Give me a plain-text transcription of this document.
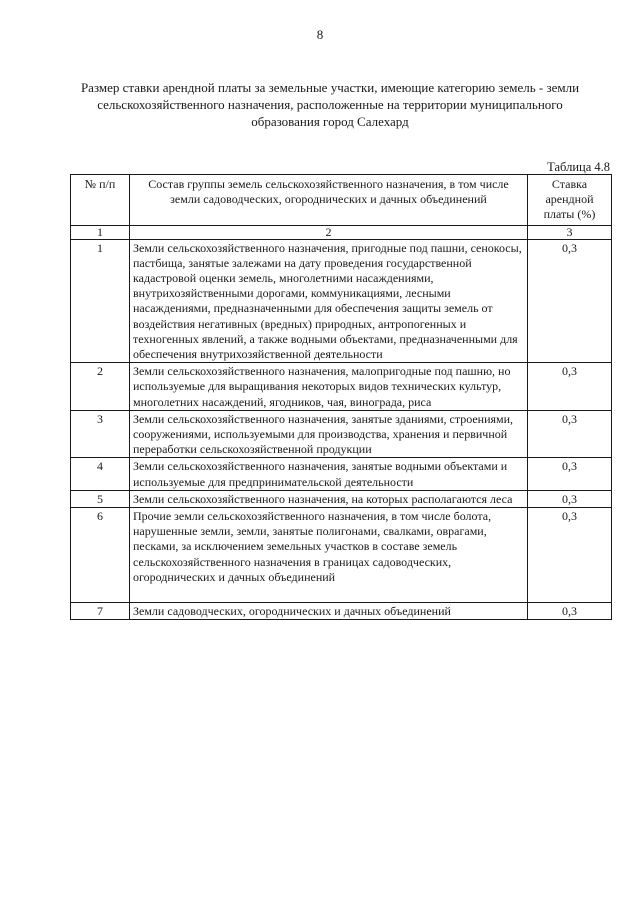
8
Размер ставки арендной платы за земельные участки, имеющие категорию земель - земли сельскохозяйственного назначения, расположенные на территории муниципального образования город Салехард
Таблица 4.8
№ п/п	Состав группы земель сельскохозяйственного назначения, в том числе земли садоводческих, огороднических и дачных объединений	Ставка арендной платы (%)
1	2	3
1	Земли сельскохозяйственного назначения, пригодные под пашни, сенокосы, пастбища, занятые залежами на дату проведения государственной кадастровой оценки земель, многолетними насаждениями, внутрихозяйственными дорогами, коммуникациями, лесными насаждениями, предназначенными для обеспечения защиты земель от воздействия негативных (вредных) природных, антропогенных и техногенных явлений, а также водными объектами, предназначенными для обеспечения внутрихозяйственной деятельности	0,3
2	Земли сельскохозяйственного назначения, малопригодные под пашню, но используемые для выращивания некоторых видов технических культур, многолетних насаждений, ягодников, чая, винограда, риса	0,3
3	Земли сельскохозяйственного назначения, занятые зданиями, строениями, сооружениями, используемыми для производства, хранения и первичной переработки сельскохозяйственной продукции	0,3
4	Земли сельскохозяйственного назначения, занятые водными объектами и используемые для предпринимательской деятельности	0,3
5	Земли сельскохозяйственного назначения, на которых располагаются леса	0,3
6	Прочие земли сельскохозяйственного назначения, в том числе болота, нарушенные земли, земли, занятые полигонами, свалками, оврагами, песками, за исключением земельных участков в составе земель сельскохозяйственного назначения в границах садоводческих, огороднических и дачных объединений	0,3
7	Земли садоводческих, огороднических и дачных объединений	0,3
